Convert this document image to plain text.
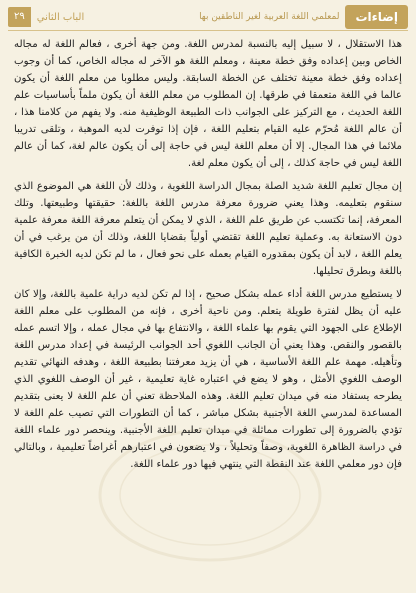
٢٩	الباب الثاني	لمعلمي اللغة العربية لغير الناطقين بها	إضاءات

هذا الاستقلال ، لا سبيل إليه بالنسبة لمدرس اللغة. ومن جهة أخرى ، فعالم اللغة له مجاله الخاص وبين إعداده وفق خطة معينة ، ومعلم اللغة هو الآخر له مجاله الخاص، كما أن وجوب إعداده وفق خطة معينة تختلف عن الخطة السابقة. وليس مطلوبا من معلم اللغة أن يكون عالما في اللغة متعمقا في طرقها. إن المطلوب من معلم اللغة أن يكون ملماً بأساسيات علم اللغة الحديث ، مع التركيز على الجوانب ذات الطبيعة الوظيفية منه. ولا يفهم من كلامنا هذا ، أن عالم اللغة مُحرّم عليه القيام بتعليم اللغة ، فإن إذا توفرت لديه الموهبة ، وتلقى تدريبا ملائما في هذا المجال. إلا أن معلم اللغة ليس في حاجة إلى أن يكون عالم لغة، كما أن عالم اللغة ليس في حاجة كذلك ، إلى أن يكون معلم لغة.

إن مجال تعليم اللغة شديد الصلة بمجال الدراسة اللغوية ، وذلك لأن اللغة هي الموضوع الذي سنقوم بتعليمه. وهذا يعني ضرورة معرفة مدرس اللغة باللغة: حقيقتها وطبيعتها. وتلك المعرفة، إنما تكتسب عن طريق علم اللغة ، الذي لا يمكن أن يتعلم معرفة اللغة معرفة علمية دون الاستعانة به. وعملية تعليم اللغة تقتضي أولياً بقضايا اللغة، وذلك أن من يرغب في أن يعلم اللغة ، لابد أن يكون بمقدوره القيام بعمله على نحو فعال ، ما لم تكن لديه الخبرة الكافية باللغة وبطرق تحليلها.

لا يستطيع مدرس اللغة أداء عمله بشكل صحيح ، إذا لم تكن لديه دراية علمية باللغة، وإلا كان عليه أن يظل لفترة طويلة يتعلم. ومن ناحية أخرى ، فإنه من المطلوب على معلم اللغة الإطلاع على الجهود التي يقوم بها علماء اللغة ، والانتفاع بها في مجال عمله ، وإلا اتسم عمله بالقصور والنقص. وهذا يعني أن الجانب اللغوي أحد الجوانب الرئيسة في إعداد مدرس اللغة وتأهيله. مهمة علم اللغة الأساسية ، هي أن يزيد معرفتنا بطبيعة اللغة ، وهدفه النهائي تقديم الوصف اللغوي الأمثل ، وهو لا يضع في اعتباره غاية تعليمية ، غير أن الوصف اللغوي الذي يطرحه يستفاد منه في ميدان تعليم اللغة. وهذه الملاحظة تعني أن علم اللغة لا يعنى بتقديم المساعدة لمدرسي اللغة الأجنبية بشكل مباشر ، كما أن التطورات التي تصيب علم اللغة لا تؤدي بالضرورة إلى تطورات مماثلة في ميدان تعليم اللغة الأجنبية. وينحصر دور علماء اللغة في دراسة الظاهرة اللغوية، وصفاً وتحليلاً ، ولا يضعون في اعتبارهم أغراضاً تعليمية ، وبالتالي فإن دور معلمي اللغة عند النقطة التي ينتهي فيها دور علماء اللغة.
